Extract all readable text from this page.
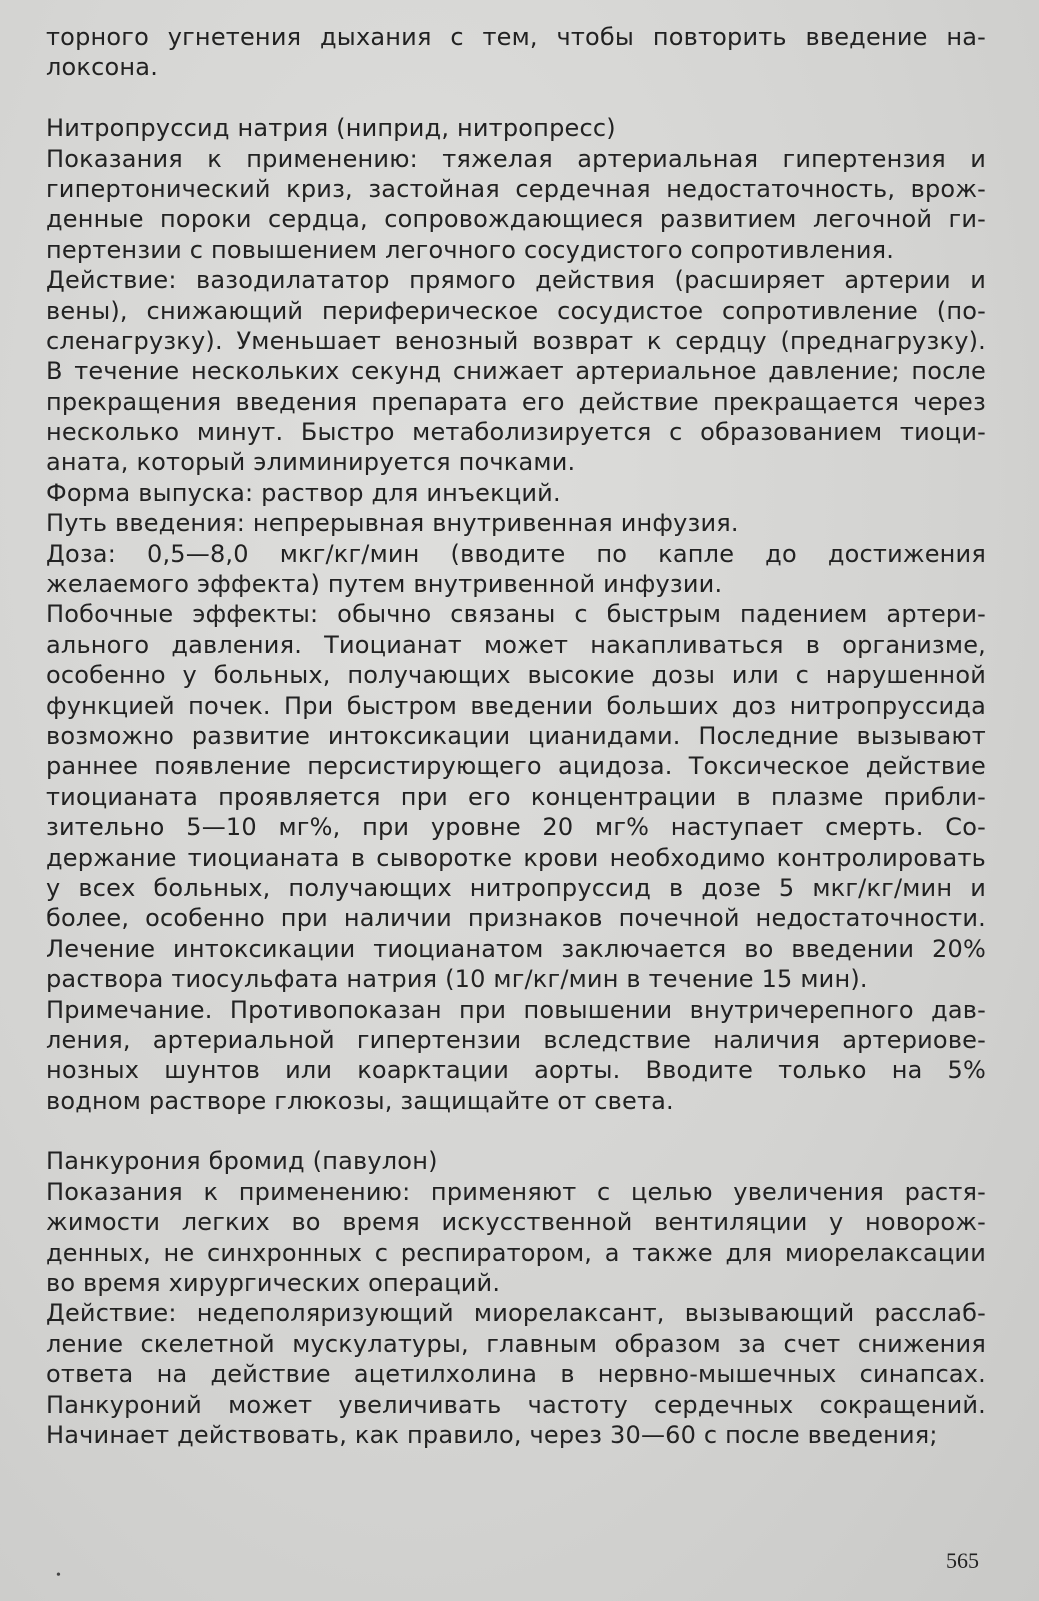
торного угнетения дыхания с тем, чтобы повторить введение на-
локсона.
Нитропруссид натрия (ниприд, нитропресс)
Показания к применению: тяжелая артериальная гипертензия и
гипертонический криз, застойная сердечная недостаточность, врож-
денные пороки сердца, сопровождающиеся развитием легочной ги-
пертензии с повышением легочного сосудистого сопротивления.
Действие: вазодилататор прямого действия (расширяет артерии и
вены), снижающий периферическое сосудистое сопротивление (по-
сленагрузку). Уменьшает венозный возврат к сердцу (преднагрузку).
В течение нескольких секунд снижает артериальное давление; после
прекращения введения препарата его действие прекращается через
несколько минут. Быстро метаболизируется с образованием тиоци-
аната, который элиминируется почками.
Форма выпуска: раствор для инъекций.
Путь введения: непрерывная внутривенная инфузия.
Доза: 0,5—8,0 мкг/кг/мин (вводите по капле до достижения
желаемого эффекта) путем внутривенной инфузии.
Побочные эффекты: обычно связаны с быстрым падением артери-
ального давления. Тиоцианат может накапливаться в организме,
особенно у больных, получающих высокие дозы или с нарушенной
функцией почек. При быстром введении больших доз нитропруссида
возможно развитие интоксикации цианидами. Последние вызывают
раннее появление персистирующего ацидоза. Токсическое действие
тиоцианата проявляется при его концентрации в плазме прибли-
зительно 5—10 мг%, при уровне 20 мг% наступает смерть. Со-
держание тиоцианата в сыворотке крови необходимо контролировать
у всех больных, получающих нитропруссид в дозе 5 мкг/кг/мин и
более, особенно при наличии признаков почечной недостаточности.
Лечение интоксикации тиоцианатом заключается во введении 20%
раствора тиосульфата натрия (10 мг/кг/мин в течение 15 мин).
Примечание. Противопоказан при повышении внутричерепного дав-
ления, артериальной гипертензии вследствие наличия артериове-
нозных шунтов или коарктации аорты. Вводите только на 5%
водном растворе глюкозы, защищайте от света.
Панкурония бромид (павулон)
Показания к применению: применяют с целью увеличения растя-
жимости легких во время искусственной вентиляции у новорож-
денных, не синхронных с респиратором, а также для миорелаксации
во время хирургических операций.
Действие: недеполяризующий миорелаксант, вызывающий расслаб-
ление скелетной мускулатуры, главным образом за счет снижения
ответа на действие ацетилхолина в нервно-мышечных синапсах.
Панкуроний может увеличивать частоту сердечных сокращений.
Начинает действовать, как правило, через 30—60 с после введения;
565
•
